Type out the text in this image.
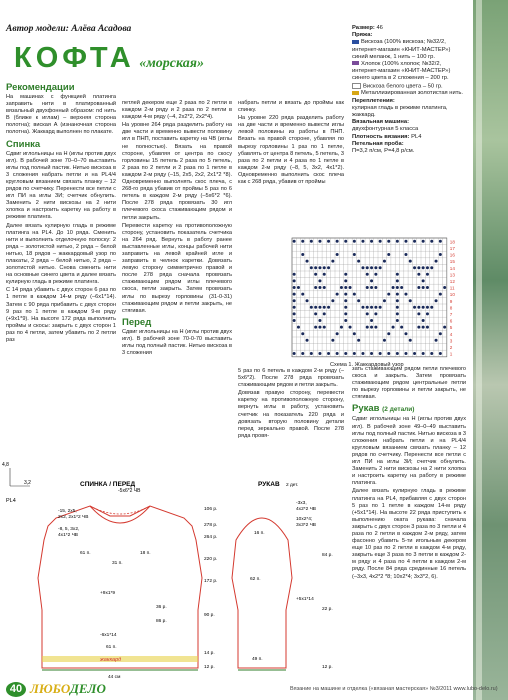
Автор модели: Алёва Асадова
КОФТА «морская»
Рекомендации

На машинах с функцией платинга заправить нити в платированный вязальный двухфонный образом: nd нить B (ближе к иглам) – верхняя сторона полотна); виская А (изнаночная сторона полотна). Жаккард выполнен по плакате.

Спинка

Сдвиг иглольницы на H (иглы против двух игл). В рабочей зоне 70–0–70 выставить иглы под полный пастик. Нитью вискоза в 3 сложения набрать петли и на PL4/4 кругловым вязанием связать планку – 12 рядов по счетчику. Перенести все петли с игл ПИ на иглы ЗИ; счетчик обнулить. Заменить 2 нити вискозы на 2 нити хлопка и настроить каретку на работу в режиме платинга.

Далее вязать кулирную гладь в режиме платинга на PL4. До 10 ряда. Сменить нити и выполнить отделочную полоску: 2 ряда – золотистой нитью, 2 ряда – белой нитью, 18 рядов – жаккардовый узор по плакаты, 2 ряда – белой нитью, 2 ряда – золотистой нитью. Снова сменить нити на основные синего цвета и далее вязать кулирную гладь в режиме платинга.

С 14 ряда убавить с двух сторон 6 раз по 1 петле в каждом 14-м ряду (–6х1*14). Затем с 90 ряда прибавить с двух сторон 9 раз по 1 петле в каждом 9-м ряду (+9х1*9). На высоте 172 ряда выполнить проймы и скосы: закрыть с двух сторон 1 раз по 4 петли, затем убавить по 2 петли раз

петлей декером еще 2 раза по 2 петли в каждом 2-м ряду и 2 раза по 2 петли в каждом 4-м ряду (–4, 2х2*2, 2х2*4).

На уровне 264 ряда разделить работу на две части и временно вывести половину игл в ПНП, поставить каретку на ЧВ (иглы не полностью). Вязать на правой стороне, убавляя от центра по скосу горловины 15 петель 2 раза по 5 петель, 2 раза по 2 петли и 2 раза по 1 петле в каждом 2-м ряду (–15, 2х5, 2х2, 2х1*2 *8). Одновременно выполнять скос плеча, с 268-го ряда убавив от проймы 5 раз по 6 петель в каждом 2-м ряду (–5х6*2 *6). После 278 ряда провязать 30 игл плечевого скоса стаживающим рядом и петли закрыть.

Перевести каретку на противоположную сторону, установить показатель счетчика на 264 ряд. Вернуть в работу ранее выставленные иглы, концы рабочей нити заправить на левой крайней игле и заправить в челнок каретки. Довязать левую сторону симметрично правой и после 278 ряда сначала провязать стаживающим рядом иглы плечевого скоса, петли закрыть. Затем провязать иглы по вырезу горловины (31-0-31) стаживающим рядом и петли закрыть, не стягивая.

Перед

Сдвиг иглольницы на H (иглы против двух игл). В рабочей зоне 70-0-70 выставить иглы под полный пастик. Нитью вискоза в 3 сложения

набрать петли и вязать до проймы как спинку.

На уровне 220 ряда разделить работу на две части и временно вывести иглы левой половины из работы в ПНП. Вязать на правой стороне, убавляя по вырезу горловины 1 раз по 1 петле, убавлять от центра 8 петель, 5 петель, 3 раза по 2 петли и 4 раза по 1 петле в каждом 2-м ряду (–8, 5, 3х2, 4х1*2). Одновременно выполнить скос плеча как с 268 ряда, убавив от проймы

5 раз по 6 петель в каждом 2-м ряду (–5х6*2). После 278 ряда провязать стаживающим рядом и петли закрыть.

Довязав правую сторону, перевести каретку на противоположную сторону, вернуть иглы в работу, установить счетчик на показатель 220 ряда и довязать вторую половину детали перед зеркально правой. После 278 ряда провя-

зать стаживающим рядом петли плечевого скоса и закрыть. Затем провязать стаживающим рядом центральные петли по вырезу горловины и петли закрыть, не стягивая.

Рукав (2 детали)

Сдвиг иглольницы на H (иглы против двух игл). В рабочей зоне 49–0–49 выставить иглы под полный пастик. Нитью вискоза в 3 сложения набрать петли и на PL4/4 кругловым вязанием связать планку – 12 рядов по счетчику. Перенести все петли с игл ПИ на иглы ЗИ; счетчик обнулить. Заменить 2 нити вискозы на 2 нити хлопка и настроить каретку на работу в режиме платинга.

Далее вязать кулирную гладь в режиме платинга на PL4, прибавляя с двух сторон 5 раз по 1 петле в каждом 14-м ряду (+5х1*14). На высоте 22 ряда приступить к выполнению оката рукава: сначала закрыть с двух сторон 3 раза по 3 петли и 4 раза по 2 петли в каждом 2-м ряду, затем фасонно убавить 5-ти игольным декером еще 10 раз по 2 петли в каждом 4-м ряду, закрыть еще 3 раза по 3 петли в каждом 2-м ряду и 4 раза по 4 петли в каждом 2-м ряду. После 84 ряда срединные 16 петель (–3х3, 4х2*2 *8; 10х2*4; 3х3*2, 6).

Размер: 46
Пряжа:
Вискоза (100% вискоза; №32/2, интернет-магазин «КНИТ-МАСТЕР») синий меланж, 1 нить – 100 гр.
Хлопок (100% хлопок; №32/2, интернет-магазин «КНИТ-МАСТЕР») синего цвета в 2 сложения – 200 гр.
Вискоза белого цвета – 50 гр.
Металлизированная золотистая нить.
Переплетения:
кулирная гладь в режиме платинга, жаккард.
Вязальная машина:
двухфонтурная 5 класса
Плотность вязания: PL4
Петельная проба:
П=3,2 п/см, Р=4,8 р/см.
18
17
16
15
14
13
12
11
10
9
8
7
6
5
4
3
2
1
Схема 1. Жаккардовый узор
4,8
3,2
PL4
СПИНКА / ПЕРЕД
-5х6*2 ЧВ
жаккард
-15, 2х5,
2х2, 2х1*2 ЧВ
-8, 5, 3х2,
4х1*2 ЧВ
61 п.
31 п.
18 п.
+9х1*9
-6х1*14
36 р.
86 р.
61 п.
44 см
106 р.
278 р.
264 р.
220 р.
172 р.
90 р.
14 р.
12 р.
РУКАВ 2 дет.
-3х3,
4х2*2 ЧВ
10х2*4;
3х3*2 ЧВ
+5х1*14
16 п.
62 п.
49 п.
84 р.
22 р.
12 р.
40 ЛЮБОДЕЛО	Вязание на машине и отделка («вязаная мастерская» №3/2011 www.lubo-delo.ru)
